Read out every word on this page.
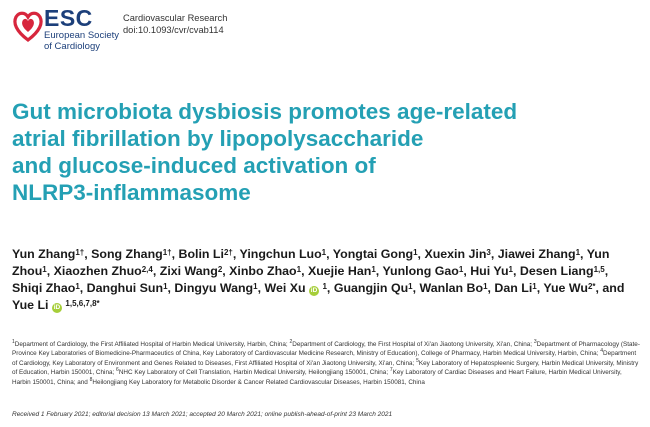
ESC
European Society
of Cardiology
Cardiovascular Research
doi:10.1093/cvr/cvab114
Gut microbiota dysbiosis promotes age-related
atrial fibrillation by lipopolysaccharide
and glucose-induced activation of
NLRP3-inflammasome
Yun Zhang$^{1\dagger}$, Song Zhang$^{1\dagger}$, Bolin $Li^{2\dagger}$, Yingchun Luo$^1$, Yongtai Gong$^1$, Xuexin Jin$^3$, Jiawei Zhang$^1$, Yun Zhou$^1$, Xiaozhen Zhuo$^{2,4}$, Zixi Wang$^2$, Xinbo Zhao$^1$, Xuejie Han$^1$, Yunlong Gao$^1$, Hui Yu$^1$, Desen Liang$^{1,5}$, Shiqi Zhao$^1$, Danghui Sun$^1$, Dingyu Wang$^1$, Wei Xu iD $^1$, Guangjin Qu$^1$, Wanlan Bo$^1$, Dan Li$^1$, Yue $Wu^{2*}$, and Yue Li iD $^{1,5,6,7,8*}$
$^1$Department of Cardiology, the First Affiliated Hospital of Harbin Medical University, Harbin, China; $^2$Department of Cardiology, the First Hospital of Xi'an Jiaotong University, Xi'an, China; $^3$Department of Pharmacology (State-Province Key Laboratories of Biomedicine-Pharmaceutics of China, Key Laboratory of Cardiovascular Medicine Research, Ministry of Education), College of Pharmacy, Harbin Medical University, Harbin, China; $^4$Department of Cardiology, Key Laboratory of Environment and Genes Related to Diseases, First Affiliated Hospital of Xi'an Jiaotong University, Xi'an, China; $^5$Key Laboratory of Hepatospleenic Surgery, Harbin Medical University, Ministry of Education, Harbin 150001, China; $^6$NHC Key Laboratory of Cell Translation, Harbin Medical University, Heilongjiang 150001, China; $^7$Key Laboratory of Cardiac Diseases and Heart Failure, Harbin Medical University, Harbin 150001, China; and $^8$Heilongjiang Key Laboratory for Metabolic Disorder & Cancer Related Cardiovascular Diseases, Harbin 150081, China
Received 1 February 2021; editorial decision 13 March 2021; accepted 20 March 2021; online publish-ahead-of-print 23 March 2021
